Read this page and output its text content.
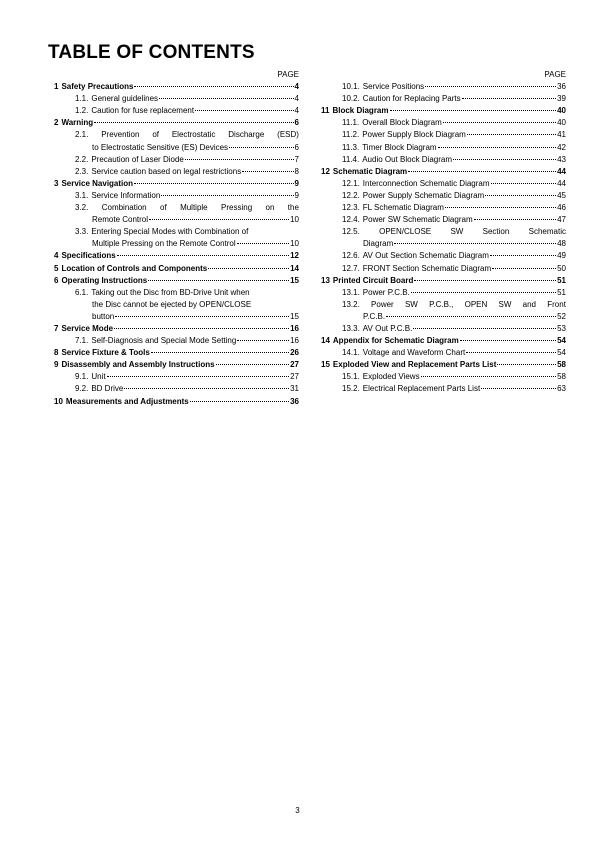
TABLE OF CONTENTS
PAGE
1 Safety Precautions	4
1.1. General guidelines	4
1.2. Caution for fuse replacement	4
2 Warning	6
2.1. Prevention of Electrostatic Discharge (ESD)
to Electrostatic Sensitive (ES) Devices	6
2.2. Precaution of Laser Diode	7
2.3. Service caution based on legal restrictions	8
3 Service Navigation	9
3.1. Service Information	9
3.2. Combination of Multiple Pressing on the
Remote Control	10
3.3. Entering Special Modes with Combination of
Multiple Pressing on the Remote Control	10
4 Specifications	12
5 Location of Controls and Components	14
6 Operating Instructions	15
6.1. Taking out the Disc from BD-Drive Unit when
the Disc cannot be ejected by OPEN/CLOSE
button	15
7 Service Mode	16
7.1. Self-Diagnosis and Special Mode Setting	16
8 Service Fixture & Tools	26
9 Disassembly and Assembly Instructions	27
9.1. Unit	27
9.2. BD Drive	31
10 Measurements and Adjustments	36
PAGE
10.1. Service Positions	36
10.2. Caution for Replacing Parts	39
11 Block Diagram	40
11.1. Overall Block Diagram	40
11.2. Power Supply Block Diagram	41
11.3. Timer Block Diagram	42
11.4. Audio Out Block Diagram	43
12 Schematic Diagram	44
12.1. Interconnection Schematic Diagram	44
12.2. Power Supply Schematic Diagram	45
12.3. FL Schematic Diagram	46
12.4. Power SW Schematic Diagram	47
12.5. OPEN/CLOSE SW Section Schematic
Diagram	48
12.6. AV Out Section Schematic Diagram	49
12.7. FRONT Section Schematic Diagram	50
13 Printed Circuit Board	51
13.1. Power P.C.B.	51
13.2. Power SW P.C.B., OPEN SW and Front
P.C.B.	52
13.3. AV Out P.C.B.	53
14 Appendix for Schematic Diagram	54
14.1. Voltage and Waveform Chart	54
15 Exploded View and Replacement Parts List	58
15.1. Exploded Views	58
15.2. Electrical Replacement Parts List	63
3
